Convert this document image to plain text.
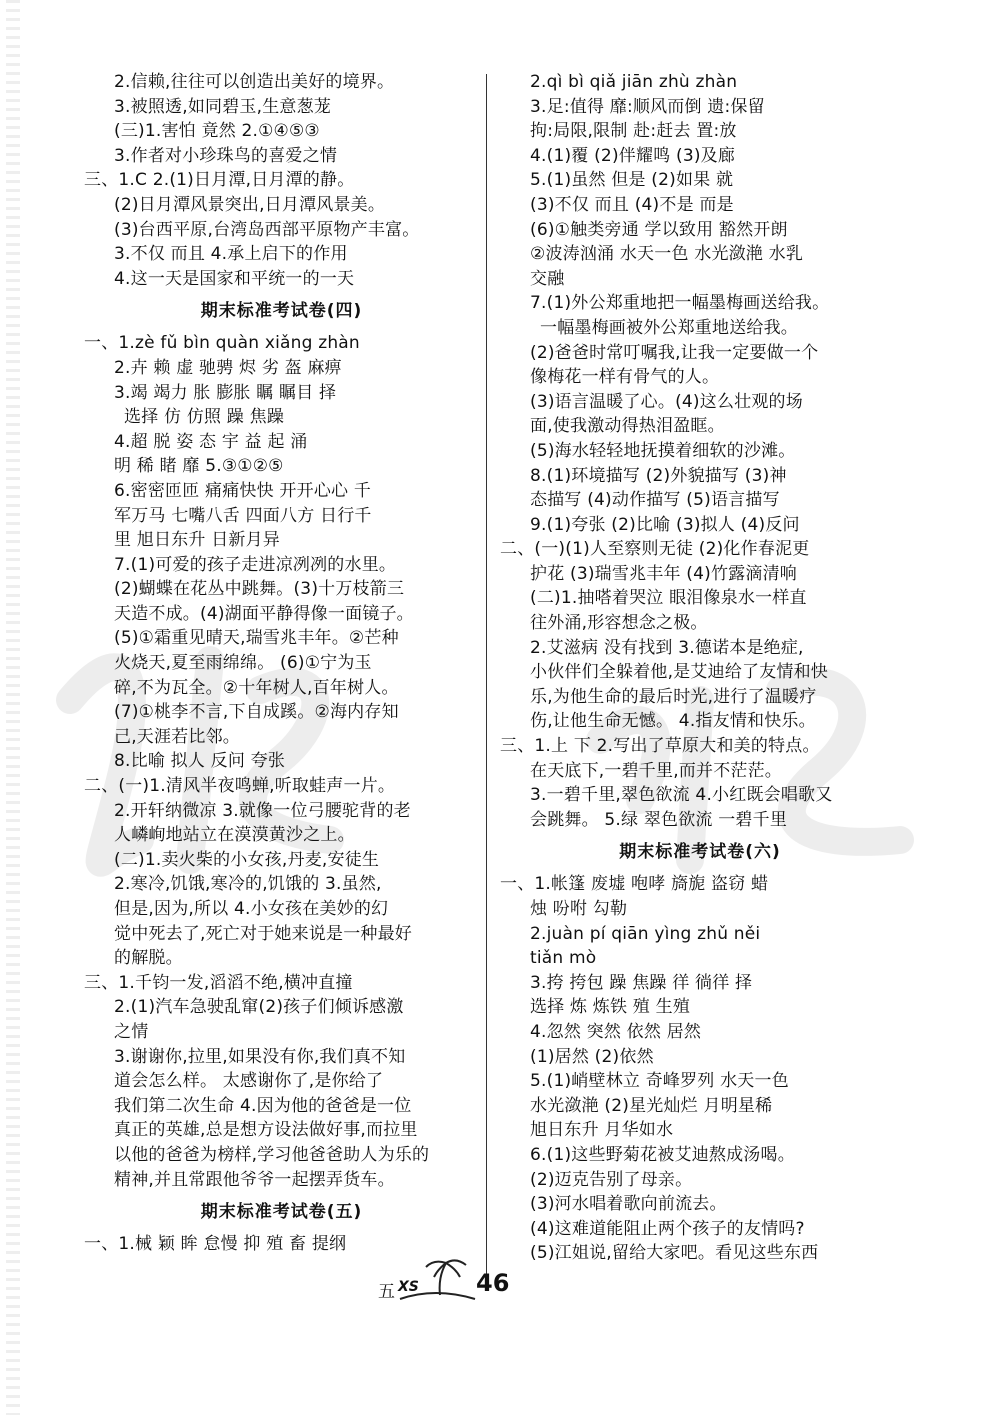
2.信赖,往往可以创造出美好的境界。
3.被照透,如同碧玉,生意葱茏
(三)1.害怕 竟然 2.①④⑤③
3.作者对小珍珠鸟的喜爱之情
三、1.C 2.(1)日月潭,日月潭的静。
(2)日月潭风景突出,日月潭风景美。
(3)台西平原,台湾岛西部平原物产丰富。
3.不仅 而且 4.承上启下的作用
4.这一天是国家和平统一的一天
期末标准考试卷(四)
一、1.zè fǔ bìn quàn xiǎng zhàn
2.卉 赖 虚 驰骋 烬 劣 盔 麻痹
3.竭 竭力 胀 膨胀 瞩 瞩目 择
选择 仿 仿照 躁 焦躁
4.超 脱 姿 态 宇 益 起 涌
明 稀 睹 靡 5.③①②⑤
6.密密匝匝 痛痛快快 开开心心 千
军万马 七嘴八舌 四面八方 日行千
里 旭日东升 日新月异
7.(1)可爱的孩子走进凉冽冽的水里。
(2)蝴蝶在花丛中跳舞。(3)十万枝箭三
天造不成。(4)湖面平静得像一面镜子。
(5)①霜重见晴天,瑞雪兆丰年。②芒种
火烧天,夏至雨绵绵。 (6)①宁为玉
碎,不为瓦全。②十年树人,百年树人。
(7)①桃李不言,下自成蹊。②海内存知
己,天涯若比邻。
8.比喻 拟人 反问 夸张
二、(一)1.清风半夜鸣蝉,听取蛙声一片。
2.开轩纳微凉 3.就像一位弓腰驼背的老
人嶙峋地站立在漠漠黄沙之上。
(二)1.卖火柴的小女孩,丹麦,安徒生
2.寒冷,饥饿,寒冷的,饥饿的 3.虽然,
但是,因为,所以 4.小女孩在美妙的幻
觉中死去了,死亡对于她来说是一种最好
的解脱。
三、1.千钧一发,滔滔不绝,横冲直撞
2.(1)汽车急驶乱窜(2)孩子们倾诉感激
之情
3.谢谢你,拉里,如果没有你,我们真不知
道会怎么样。 太感谢你了,是你给了
我们第二次生命 4.因为他的爸爸是一位
真正的英雄,总是想方设法做好事,而拉里
以他的爸爸为榜样,学习他爸爸助人为乐的
精神,并且常跟他爷爷一起摆弄货车。
期末标准考试卷(五)
一、1.械 颖 眸 怠慢 抑 殖 畜 提纲
2.qì bì qiǎ jiān zhù zhàn
3.足:值得 靡:顺风而倒 遗:保留
拘:局限,限制 赴:赶去 置:放
4.(1)覆 (2)伴耀鸣 (3)及廊
5.(1)虽然 但是 (2)如果 就
(3)不仅 而且 (4)不是 而是
(6)①触类旁通 学以致用 豁然开朗
②波涛汹涌 水天一色 水光潋滟 水乳
交融
7.(1)外公郑重地把一幅墨梅画送给我。
一幅墨梅画被外公郑重地送给我。
(2)爸爸时常叮嘱我,让我一定要做一个
像梅花一样有骨气的人。
(3)语言温暖了心。(4)这么壮观的场
面,使我激动得热泪盈眶。
(5)海水轻轻地抚摸着细软的沙滩。
8.(1)环境描写 (2)外貌描写 (3)神
态描写 (4)动作描写 (5)语言描写
9.(1)夸张 (2)比喻 (3)拟人 (4)反问
二、(一)(1)人至察则无徒 (2)化作春泥更
护花 (3)瑞雪兆丰年 (4)竹露滴清响
(二)1.抽嗒着哭泣 眼泪像泉水一样直
往外涌,形容想念之极。
2.艾滋病 没有找到 3.德诺本是绝症,
小伙伴们全躲着他,是艾迪给了友情和快
乐,为他生命的最后时光,进行了温暖疗
伤,让他生命无憾。 4.指友情和快乐。
三、1.上 下 2.写出了草原大和美的特点。
在天底下,一碧千里,而并不茫茫。
3.一碧千里,翠色欲流 4.小红既会唱歌又
会跳舞。 5.绿 翠色欲流 一碧千里
期末标准考试卷(六)
一、1.帐篷 废墟 咆哮 旖旎 盗窃 蜡
烛 吩咐 勾勒
2.juàn pí qiān yìng zhǔ něi
tiǎn mò
3.挎 挎包 躁 焦躁 徉 徜徉 择
选择 炼 炼铁 殖 生殖
4.忽然 突然 依然 居然
(1)居然 (2)依然
5.(1)峭壁林立 奇峰罗列 水天一色
水光潋滟 (2)星光灿烂 月明星稀
旭日东升 月华如水
6.(1)这些野菊花被艾迪熬成汤喝。
(2)迈克告别了母亲。
(3)河水唱着歌向前流去。
(4)这难道能阻止两个孩子的友情吗?
(5)江姐说,留给大家吧。看见这些东西
五 XS 46
